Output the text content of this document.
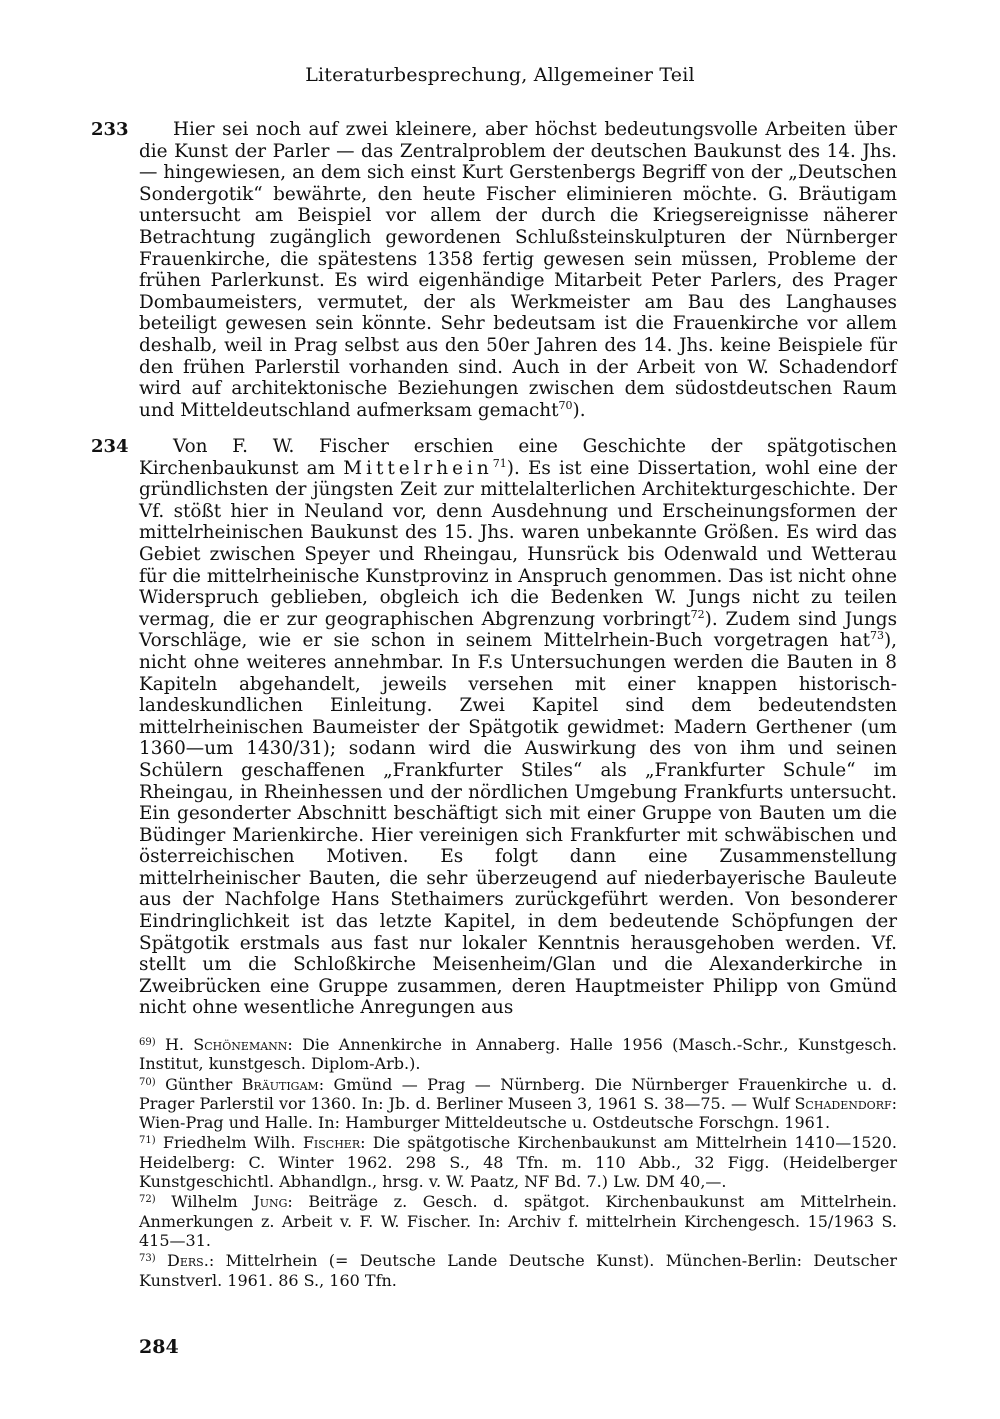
Literaturbesprechung, Allgemeiner Teil
233	Hier sei noch auf zwei kleinere, aber höchst bedeutungsvolle Arbeiten über die Kunst der Parler — das Zentralproblem der deutschen Baukunst des 14. Jhs. — hingewiesen, an dem sich einst Kurt Gerstenbergs Begriff von der „Deutschen Sondergotik“ bewährte, den heute Fischer eliminieren möchte. G. Bräutigam untersucht am Beispiel vor allem der durch die Kriegsereignisse näherer Betrachtung zugänglich gewordenen Schlußsteinskulpturen der Nürnberger Frauenkirche, die spätestens 1358 fertig gewesen sein müssen, Probleme der frühen Parlerkunst. Es wird eigenhändige Mitarbeit Peter Parlers, des Prager Dombaumeisters, vermutet, der als Werkmeister am Bau des Langhauses beteiligt gewesen sein könnte. Sehr bedeutsam ist die Frauenkirche vor allem deshalb, weil in Prag selbst aus den 50er Jahren des 14. Jhs. keine Beispiele für den frühen Parlerstil vorhanden sind. Auch in der Arbeit von W. Schadendorf wird auf architektonische Beziehungen zwischen dem südostdeutschen Raum und Mitteldeutschland aufmerksam gemacht$^{70}$).

234	Von F. W. Fischer erschien eine Geschichte der spätgotischen Kirchenbaukunst am Mittelrhein$^{71}$). Es ist eine Dissertation, wohl eine der gründlichsten der jüngsten Zeit zur mittelalterlichen Architekturgeschichte. Der Vf. stößt hier in Neuland vor, denn Ausdehnung und Erscheinungsformen der mittelrheinischen Baukunst des 15. Jhs. waren unbekannte Größen. Es wird das Gebiet zwischen Speyer und Rheingau, Hunsrück bis Odenwald und Wetterau für die mittelrheinische Kunstprovinz in Anspruch genommen. Das ist nicht ohne Widerspruch geblieben, obgleich ich die Bedenken W. Jungs nicht zu teilen vermag, die er zur geographischen Abgrenzung vorbringt$^{72}$). Zudem sind Jungs Vorschläge, wie er sie schon in seinem Mittelrhein-Buch vorgetragen hat$^{73}$), nicht ohne weiteres annehmbar. In F.s Untersuchungen werden die Bauten in 8 Kapiteln abgehandelt, jeweils versehen mit einer knappen historisch-landeskundlichen Einleitung. Zwei Kapitel sind dem bedeutendsten mittelrheinischen Baumeister der Spätgotik gewidmet: Madern Gerthener (um 1360—um 1430/31); sodann wird die Auswirkung des von ihm und seinen Schülern geschaffenen „Frankfurter Stiles“ als „Frankfurter Schule“ im Rheingau, in Rheinhessen und der nördlichen Umgebung Frankfurts untersucht. Ein gesonderter Abschnitt beschäftigt sich mit einer Gruppe von Bauten um die Büdinger Marienkirche. Hier vereinigen sich Frankfurter mit schwäbischen und österreichischen Motiven. Es folgt dann eine Zusammenstellung mittelrheinischer Bauten, die sehr überzeugend auf niederbayerische Bauleute aus der Nachfolge Hans Stethaimers zurückgeführt werden. Von besonderer Eindringlichkeit ist das letzte Kapitel, in dem bedeutende Schöpfungen der Spätgotik erstmals aus fast nur lokaler Kenntnis herausgehoben werden. Vf. stellt um die Schloßkirche Meisenheim/Glan und die Alexanderkirche in Zweibrücken eine Gruppe zusammen, deren Hauptmeister Philipp von Gmünd nicht ohne wesentliche Anregungen aus

$^{69)}$ H. Schönemann: Die Annenkirche in Annaberg. Halle 1956 (Masch.-Schr., Kunstgesch. Institut, kunstgesch. Diplom-Arb.).

$^{70)}$ Günther Bräutigam: Gmünd — Prag — Nürnberg. Die Nürnberger Frauenkirche u. d. Prager Parlerstil vor 1360. In: Jb. d. Berliner Museen 3, 1961 S. 38—75. — Wulf Schadendorf: Wien-Prag und Halle. In: Hamburger Mitteldeutsche u. Ostdeutsche Forschgn. 1961.

$^{71)}$ Friedhelm Wilh. Fischer: Die spätgotische Kirchenbaukunst am Mittelrhein 1410—1520. Heidelberg: C. Winter 1962. 298 S., 48 Tfn. m. 110 Abb., 32 Figg. (Heidelberger Kunstgeschichtl. Abhandlgn., hrsg. v. W. Paatz, NF Bd. 7.) Lw. DM 40,—.

$^{72)}$ Wilhelm Jung: Beiträge z. Gesch. d. spätgot. Kirchenbaukunst am Mittelrhein. Anmerkungen z. Arbeit v. F. W. Fischer. In: Archiv f. mittelrhein Kirchengesch. 15/1963 S. 415—31.

$^{73)}$ Ders.: Mittelrhein (= Deutsche Lande Deutsche Kunst). München-Berlin: Deutscher Kunstverl. 1961. 86 S., 160 Tfn.

284
